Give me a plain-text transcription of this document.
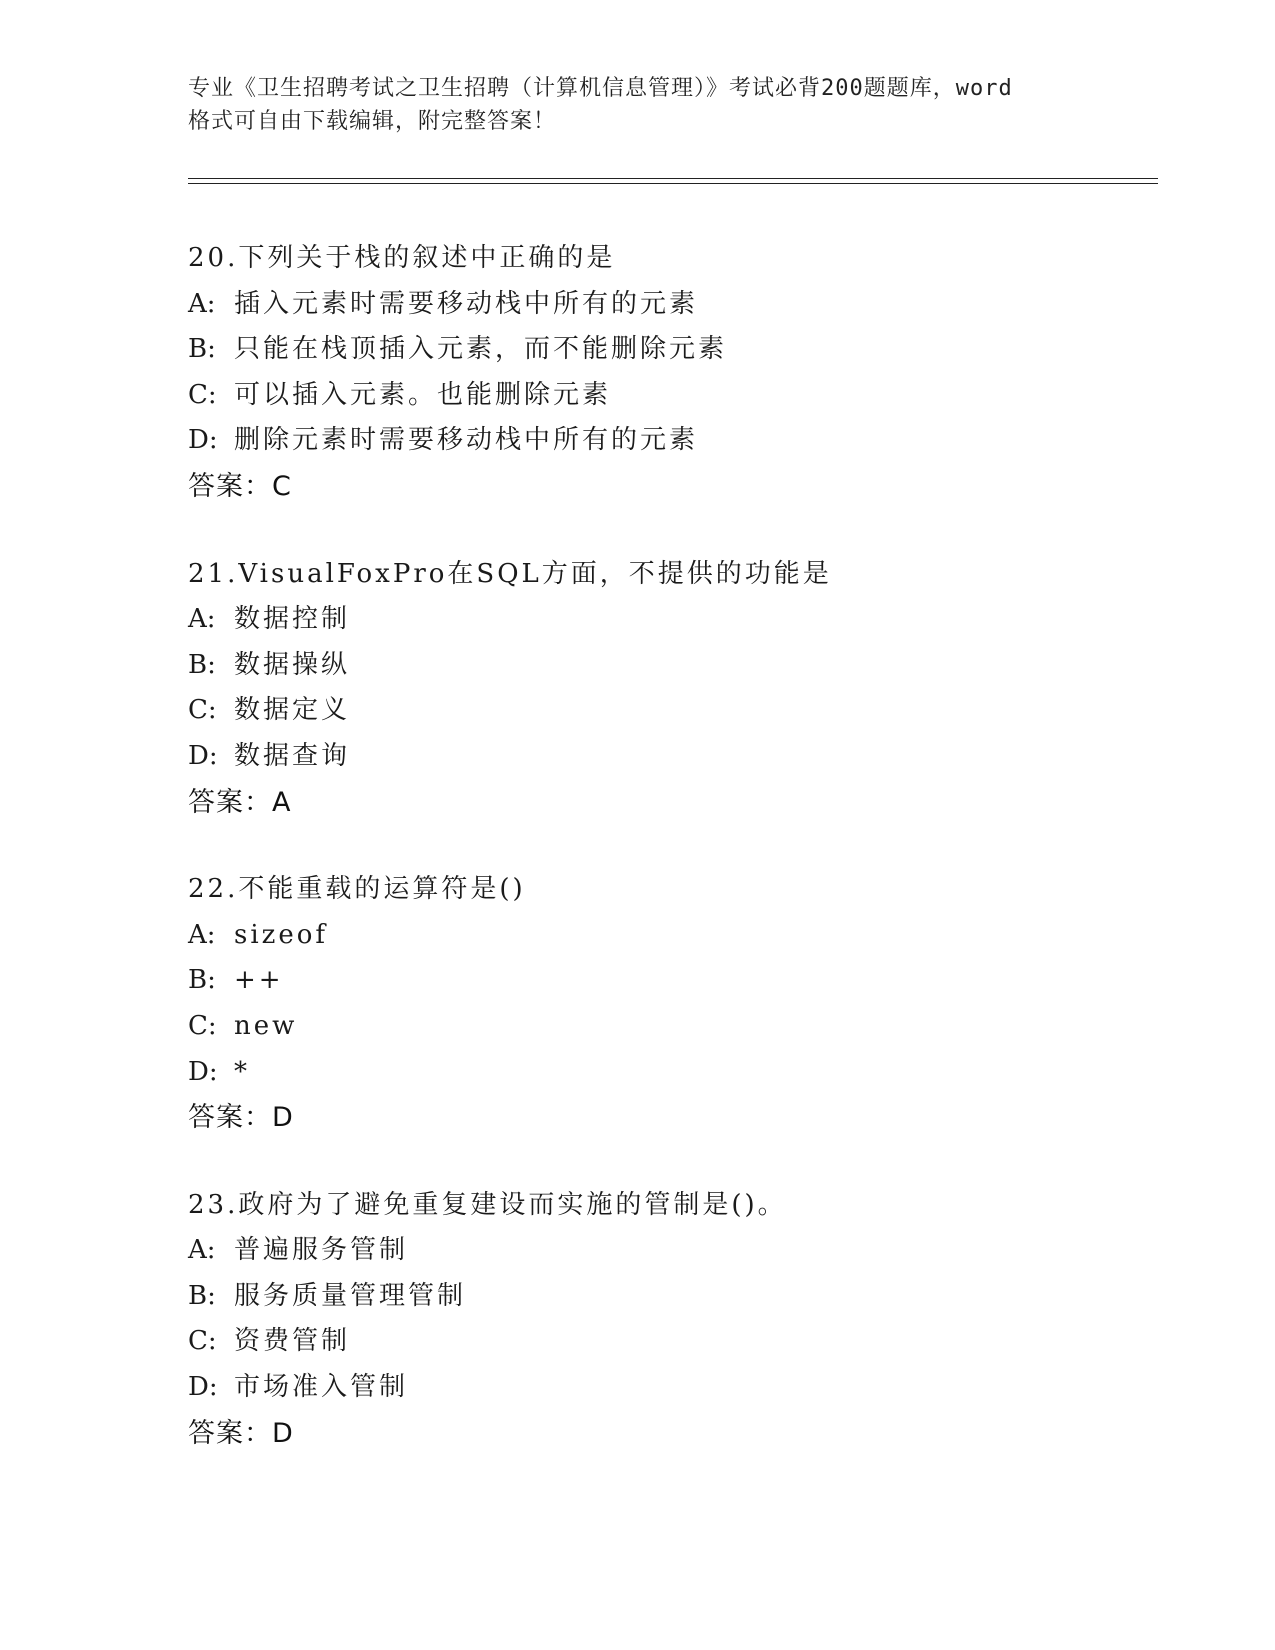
专业《卫生招聘考试之卫生招聘（计算机信息管理）》考试必背200题题库，word
格式可自由下载编辑，附完整答案！
20.下列关于栈的叙述中正确的是
A: 插入元素时需要移动栈中所有的元素
B: 只能在栈顶插入元素，而不能删除元素
C: 可以插入元素。也能删除元素
D: 删除元素时需要移动栈中所有的元素
答案：C
21.VisualFoxPro在SQL方面，不提供的功能是
A: 数据控制
B: 数据操纵
C: 数据定义
D: 数据查询
答案：A
22.不能重载的运算符是()
A: sizeof
B: ++
C: new
D: *
答案：D
23.政府为了避免重复建设而实施的管制是()。
A: 普遍服务管制
B: 服务质量管理管制
C: 资费管制
D: 市场准入管制
答案：D
